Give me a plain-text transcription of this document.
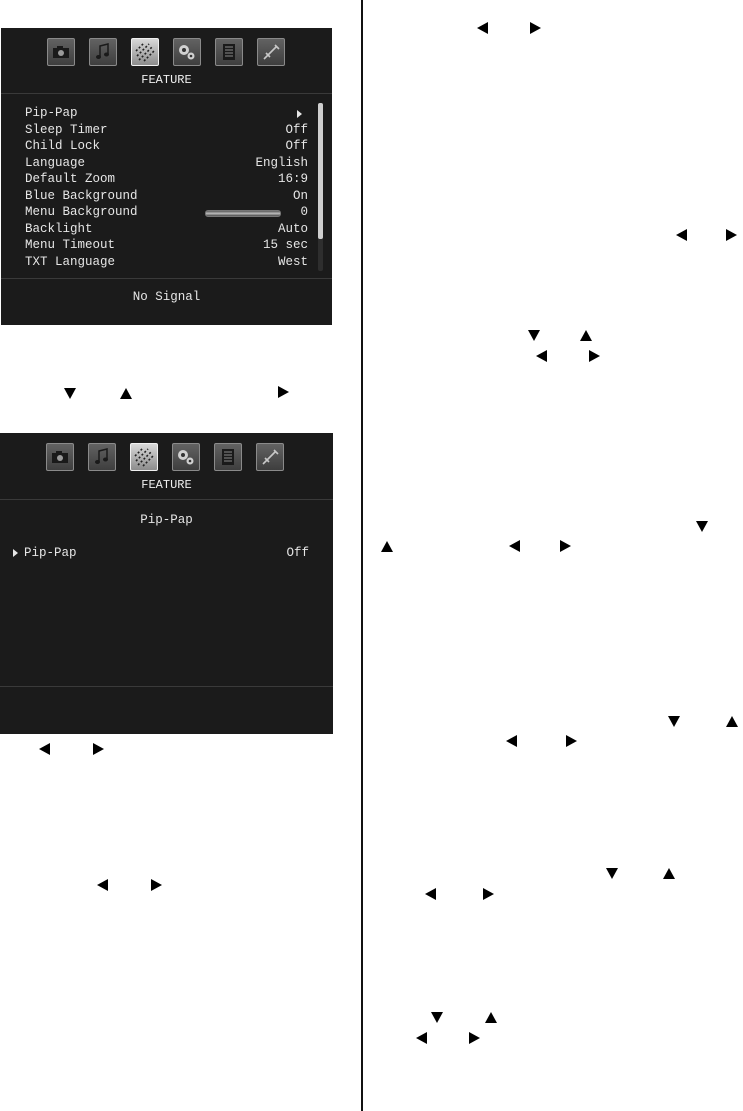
FEATURE
Pip-Pap
Sleep Timer	Off
Child Lock	Off
Language	English
Default Zoom	16:9
Blue Background	On
Menu Background	0
Backlight	Auto
Menu Timeout	15 sec
TXT Language	West
No Signal
FEATURE
Pip-Pap
Pip-Pap	Off
